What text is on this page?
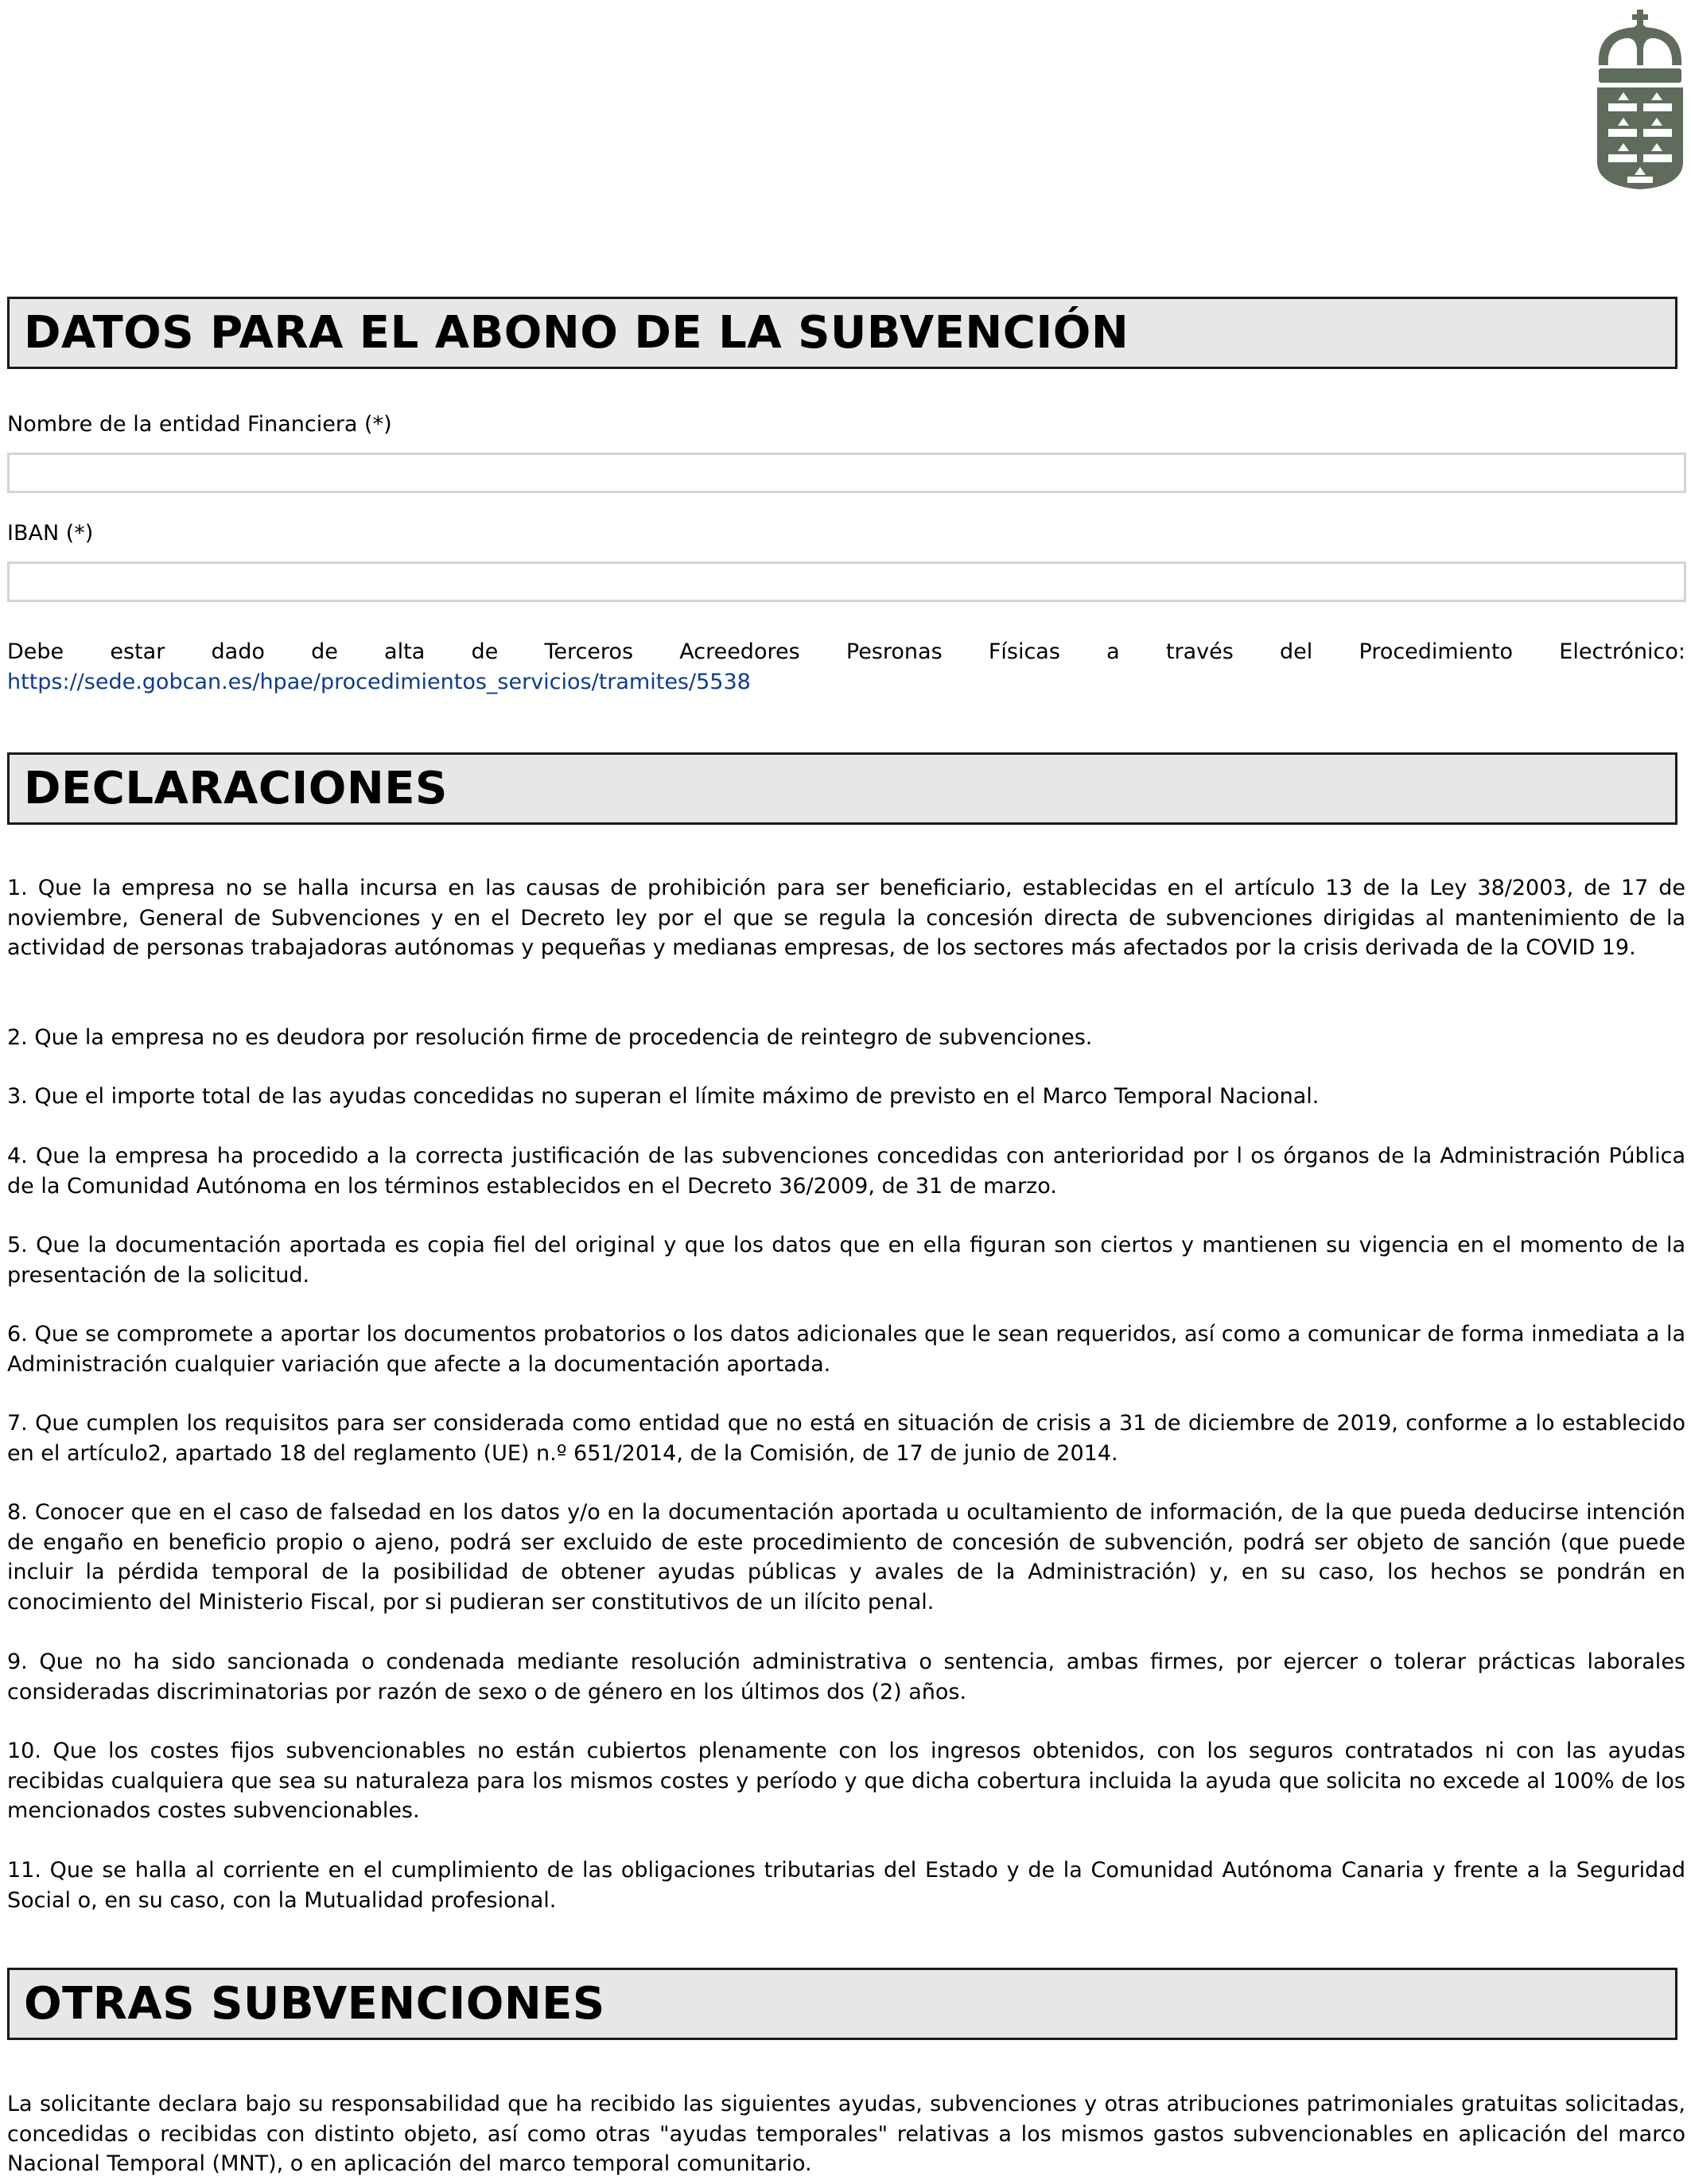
DATOS PARA EL ABONO DE LA SUBVENCIÓN
Nombre de la entidad Financiera (*)
IBAN (*)
Debe estar dado de alta de Terceros Acreedores Pesronas Físicas a través del Procedimiento Electrónico: https://sede.gobcan.es/hpae/procedimientos_servicios/tramites/5538
DECLARACIONES
1. Que la empresa no se halla incursa en las causas de prohibición para ser beneficiario, establecidas en el artículo 13 de la Ley 38/2003, de 17 de noviembre, General de Subvenciones y en el Decreto ley por el que se regula la concesión directa de subvenciones dirigidas al mantenimiento de la actividad de personas trabajadoras autónomas y pequeñas y medianas empresas, de los sectores más afectados por la crisis derivada de la COVID 19.
2. Que la empresa no es deudora por resolución firme de procedencia de reintegro de subvenciones.
3. Que el importe total de las ayudas concedidas no superan el límite máximo de previsto en el Marco Temporal Nacional.
4. Que la empresa ha procedido a la correcta justificación de las subvenciones concedidas con anterioridad por l os órganos de la Administración Pública de la Comunidad Autónoma en los términos establecidos en el Decreto 36/2009, de 31 de marzo.
5. Que la documentación aportada es copia fiel del original y que los datos que en ella figuran son ciertos y mantienen su vigencia en el momento de la presentación de la solicitud.
6. Que se compromete a aportar los documentos probatorios o los datos adicionales que le sean requeridos, así como a comunicar de forma inmediata a la Administración cualquier variación que afecte a la documentación aportada.
7. Que cumplen los requisitos para ser considerada como entidad que no está en situación de crisis a 31 de diciembre de 2019, conforme a lo establecido en el artículo2, apartado 18 del reglamento (UE) n.º 651/2014, de la Comisión, de 17 de junio de 2014.
8. Conocer que en el caso de falsedad en los datos y/o en la documentación aportada u ocultamiento de información, de la que pueda deducirse intención de engaño en beneficio propio o ajeno, podrá ser excluido de este procedimiento de concesión de subvención, podrá ser objeto de sanción (que puede incluir la pérdida temporal de la posibilidad de obtener ayudas públicas y avales de la Administración) y, en su caso, los hechos se pondrán en conocimiento del Ministerio Fiscal, por si pudieran ser constitutivos de un ilícito penal.
9. Que no ha sido sancionada o condenada mediante resolución administrativa o sentencia, ambas firmes, por ejercer o tolerar prácticas laborales consideradas discriminatorias por razón de sexo o de género en los últimos dos (2) años.
10. Que los costes fijos subvencionables no están cubiertos plenamente con los ingresos obtenidos, con los seguros contratados ni con las ayudas recibidas cualquiera que sea su naturaleza para los mismos costes y período y que dicha cobertura incluida la ayuda que solicita no excede al 100% de los mencionados costes subvencionables.
11. Que se halla al corriente en el cumplimiento de las obligaciones tributarias del Estado y de la Comunidad Autónoma Canaria y frente a la Seguridad Social o, en su caso, con la Mutualidad profesional.
OTRAS SUBVENCIONES
La solicitante declara bajo su responsabilidad que ha recibido las siguientes ayudas, subvenciones y otras atribuciones patrimoniales gratuitas solicitadas, concedidas o recibidas con distinto objeto, así como otras "ayudas temporales" relativas a los mismos gastos subvencionables en aplicación del marco Nacional Temporal (MNT), o en aplicación del marco temporal comunitario.
